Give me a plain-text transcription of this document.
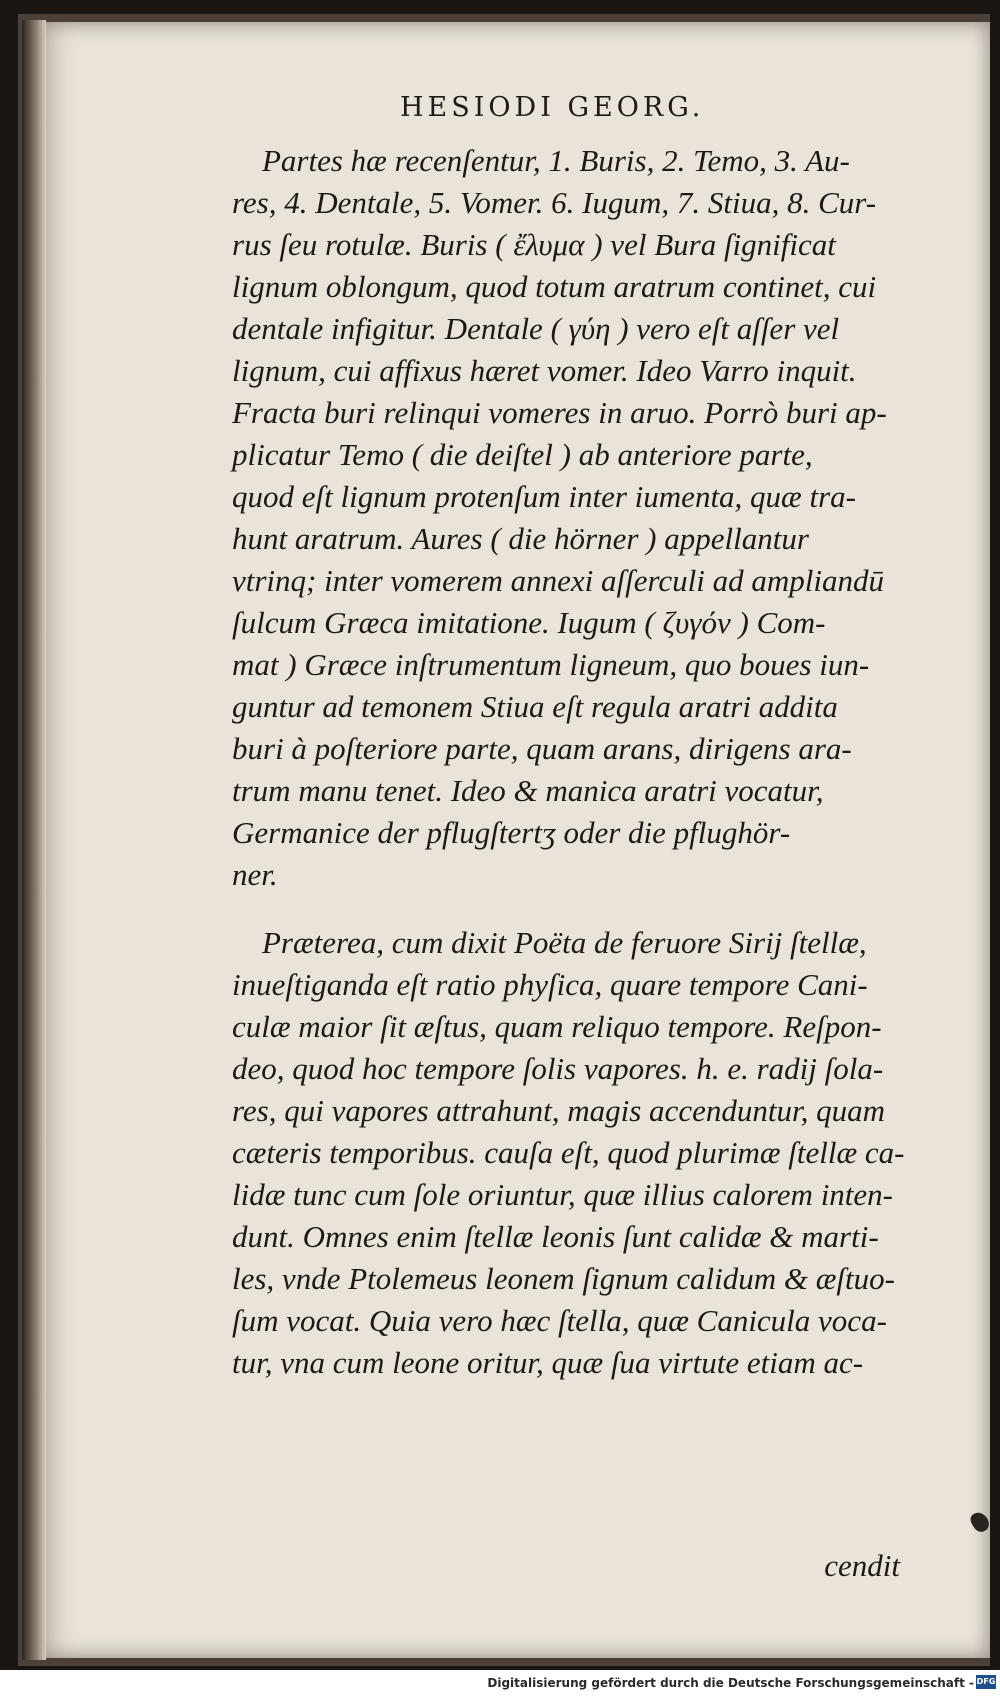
HESIODI GEORG.
Partes hæ recenſentur, 1. Buris, 2. Temo, 3. Au-
res, 4. Dentale, 5. Vomer. 6. Iugum, 7. Stiua, 8. Cur-
rus ſeu rotulæ. Buris ( ἔλυμα ) vel Bura ſignificat
lignum oblongum, quod totum aratrum continet, cui
dentale infigitur. Dentale ( γύη ) vero eſt aſſer vel
lignum, cui affixus hæret vomer. Ideo Varro inquit.
Fracta buri relinqui vomeres in aruo. Porrò buri ap-
plicatur Temo ( die deiſtel ) ab anteriore parte,
quod eſt lignum protenſum inter iumenta, quæ tra-
hunt aratrum. Aures ( die hörner ) appellantur
vtrinq; inter vomerem annexi aſſerculi ad ampliandū
ſulcum Græca imitatione. Iugum ( ζυγόν ) Com-
mat ) Græce inſtrumentum ligneum, quo boues iun-
guntur ad temonem Stiua eſt regula aratri addita
buri à poſteriore parte, quam arans, dirigens ara-
trum manu tenet. Ideo & manica aratri vocatur,
Germanice der pflugſtertʒ oder die pflughör-
ner.
Præterea, cum dixit Poëta de feruore Sirij ſtellæ,
inueſtiganda eſt ratio phyſica, quare tempore Cani-
culæ maior ſit æſtus, quam reliquo tempore. Reſpon-
deo, quod hoc tempore ſolis vapores. h. e. radij ſola-
res, qui vapores attrahunt, magis accenduntur, quam
cæteris temporibus. cauſa eſt, quod plurimæ ſtellæ ca-
lidæ tunc cum ſole oriuntur, quæ illius calorem inten-
dunt. Omnes enim ſtellæ leonis ſunt calidæ & marti-
les, vnde Ptolemeus leonem ſignum calidum & æſtuo-
ſum vocat. Quia vero hæc ſtella, quæ Canicula voca-
tur, vna cum leone oritur, quæ ſua virtute etiam ac-
cendit
Digitalisierung gefördert durch die Deutsche Forschungsgemeinschaft - DFG
